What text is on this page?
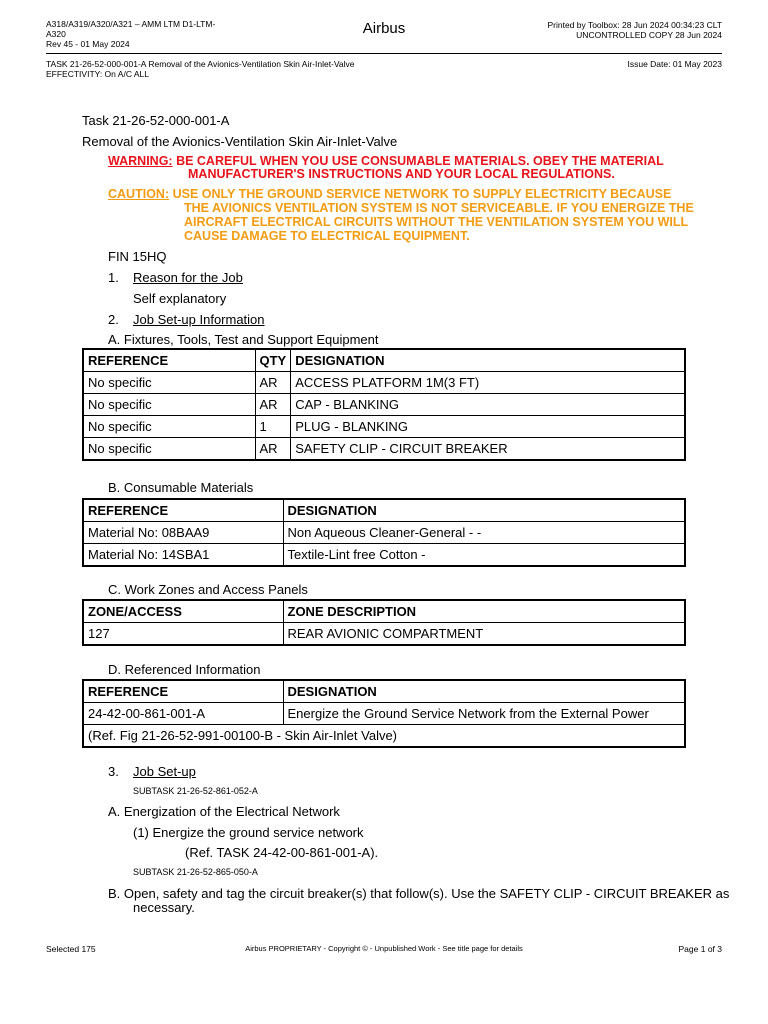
A318/A319/A320/A321 – AMM LTM D1-LTM-
A320
Rev 45 - 01 May 2024
Airbus	Printed by Toolbox: 28 Jun 2024 00:34:23 CLT
UNCONTROLLED COPY 28 Jun 2024
TASK 21-26-52-000-001-A Removal of the Avionics-Ventilation Skin Air-Inlet-Valve
EFFECTIVITY: On A/C ALL
Issue Date: 01 May 2023
Task 21-26-52-000-001-A
Removal of the Avionics-Ventilation Skin Air-Inlet-Valve
WARNING: BE CAREFUL WHEN YOU USE CONSUMABLE MATERIALS. OBEY THE MATERIAL
MANUFACTURER'S INSTRUCTIONS AND YOUR LOCAL REGULATIONS.
CAUTION: USE ONLY THE GROUND SERVICE NETWORK TO SUPPLY ELECTRICITY BECAUSE
THE AVIONICS VENTILATION SYSTEM IS NOT SERVICEABLE. IF YOU ENERGIZE THE
AIRCRAFT ELECTRICAL CIRCUITS WITHOUT THE VENTILATION SYSTEM YOU WILL
CAUSE DAMAGE TO ELECTRICAL EQUIPMENT.
FIN 15HQ
1. Reason for the Job
Self explanatory
2. Job Set-up Information
A. Fixtures, Tools, Test and Support Equipment
REFERENCE	QTY	DESIGNATION
No specific	AR	ACCESS PLATFORM 1M(3 FT)
No specific	AR	CAP - BLANKING
No specific	1	PLUG - BLANKING
No specific	AR	SAFETY CLIP - CIRCUIT BREAKER
B. Consumable Materials
REFERENCE	DESIGNATION
Material No: 08BAA9	Non Aqueous Cleaner-General - -
Material No: 14SBA1	Textile-Lint free Cotton -
C. Work Zones and Access Panels
ZONE/ACCESS	ZONE DESCRIPTION
127	REAR AVIONIC COMPARTMENT
D. Referenced Information
REFERENCE	DESIGNATION
24-42-00-861-001-A	Energize the Ground Service Network from the External Power
(Ref. Fig 21-26-52-991-00100-B - Skin Air-Inlet Valve)	
3. Job Set-up
SUBTASK 21-26-52-861-052-A
A. Energization of the Electrical Network
(1) Energize the ground service network
(Ref. TASK 24-42-00-861-001-A).
SUBTASK 21-26-52-865-050-A
B. Open, safety and tag the circuit breaker(s) that follow(s). Use the SAFETY CLIP - CIRCUIT BREAKER as
necessary.
Selected 175	Airbus PROPRIETARY - Copyright © - Unpublished Work - See title page for details	Page 1 of 3
